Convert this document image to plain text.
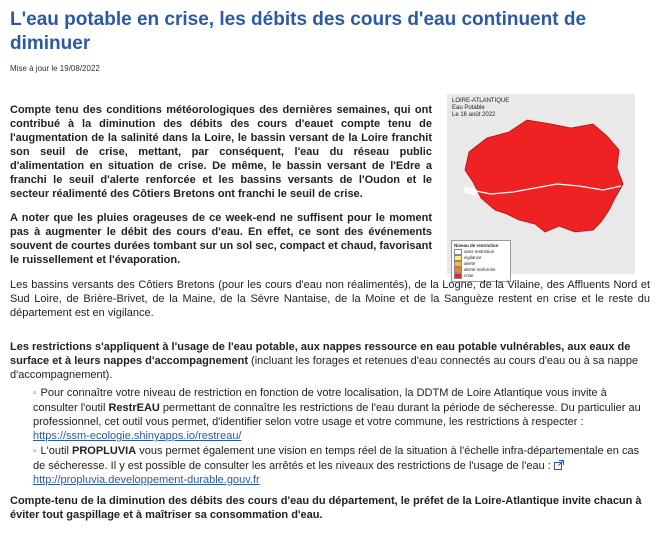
L'eau potable en crise, les débits des cours d'eau continuent de diminuer
Mise à jour le 19/08/2022

Compte tenu des conditions météorologiques des dernières semaines, qui ont contribué à la diminution des débits des cours d'eauet compte tenu de l'augmentation de la salinité dans la Loire, le bassin versant de la Loire franchit son seuil de crise, mettant, par conséquent, l'eau du réseau public d'alimentation en situation de crise. De même, le bassin versant de l'Edre a franchi le seuil d'alerte renforcée et les bassins versants de l'Oudon et le secteur réalimenté des Côtiers Bretons ont franchi le seuil de crise.

A noter que les pluies orageuses de ce week-end ne suffisent pour le moment pas à augmenter le débit des cours d'eau. En effet, ce sont des événements souvent de courtes durées tombant sur un sol sec, compact et chaud, favorisant le ruissellement et l'évaporation.

LOIRE-ATLANTIQUE
Eau Potable
Le 16 août 2022
Niveau de restriction
sans restriction
vigilance
alerte
alerte renforcée
crise

Les bassins versants des Côtiers Bretons (pour les cours d'eau non réalimentés), de la Logne, de la Vilaine, des Affluents Nord et Sud Loire, de Brière-Brivet, de la Maine, de la Sèvre Nantaise, de la Moine et de la Sanguèze restent en crise et le reste du département est en vigilance.

Les restrictions s'appliquent à l'usage de l'eau potable, aux nappes ressource en eau potable vulnérables, aux eaux de surface et à leurs nappes d'accompagnement (incluant les forages et retenues d'eau connectés au cours d'eau ou à sa nappe d'accompagnement).

▫ Pour connaître votre niveau de restriction en fonction de votre localisation, la DDTM de Loire Atlantique vous invite à consulter l'outil RestrEAU permettant de connaître les restrictions de l'eau durant la période de sécheresse. Du particulier au professionnel, cet outil vous permet, d'identifier selon votre usage et votre commune, les restrictions à respecter : https://ssm-ecologie.shinyapps.io/restreau/

▫ L'outil PROPLUVIA vous permet également une vision en temps réel de la situation à l'échelle infra-départementale en cas de sécheresse. Il y est possible de consulter les arrêtés et les niveaux des restrictions de l'usage de l'eau : http://propluvia.developpement-durable.gouv.fr

Compte-tenu de la diminution des débits des cours d'eau du département, le préfet de la Loire-Atlantique invite chacun à éviter tout gaspillage et à maîtriser sa consommation d'eau.
